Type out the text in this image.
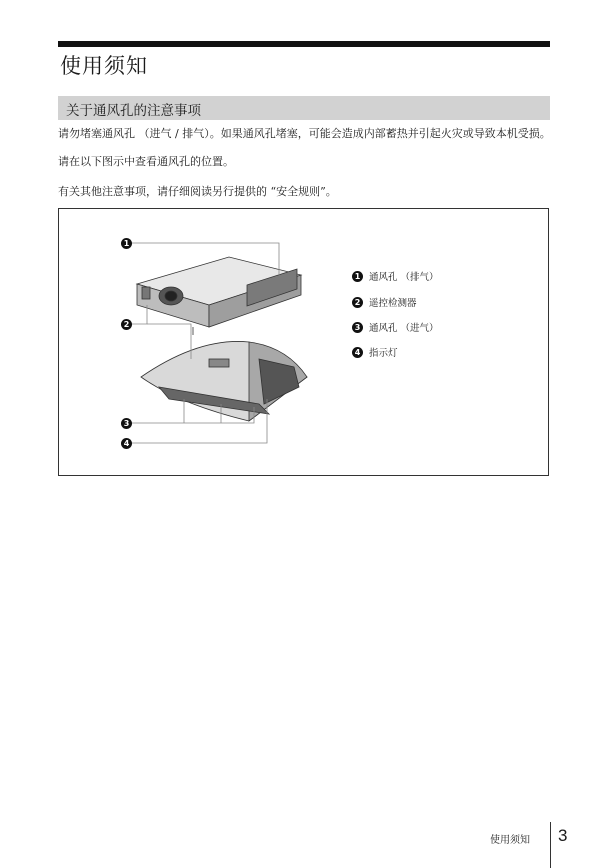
使用须知
关于通风孔的注意事项

请勿堵塞通风孔 （进气 / 排气）。如果通风孔堵塞，可能会造成内部蓄热并引起火灾或导致本机受损。

请在以下图示中查看通风孔的位置。

有关其他注意事项，请仔细阅读另行提供的 “安全规则”。

1
2
3
4
1 通风孔 （排气）
2 遥控检测器
3 通风孔 （进气）
4 指示灯
使用须知 3
